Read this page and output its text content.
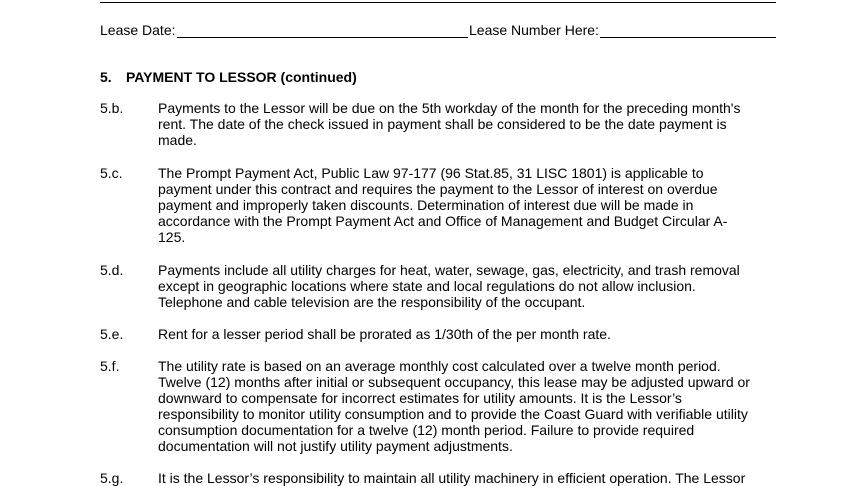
Lease Date:	Lease Number Here:
5. PAYMENT TO LESSOR (continued)
5.b. Payments to the Lessor will be due on the 5th workday of the month for the preceding month's
rent. The date of the check issued in payment shall be considered to be the date payment is
made.
5.c.	The Prompt Payment Act, Public Law 97-177 (96 Stat.85, 31 LISC 1801) is applicable to
payment under this contract and requires the payment to the Lessor of interest on overdue
payment and improperly taken discounts. Determination of interest due will be made in
accordance with the Prompt Payment Act and Office of Management and Budget Circular A-
125.
5.d. Payments include all utility charges for heat, water, sewage, gas, electricity, and trash removal
except in geographic locations where state and local regulations do not allow inclusion.
Telephone and cable television are the responsibility of the occupant.
5.e. Rent for a lesser period shall be prorated as 1/30th of the per month rate.
5.f.	The utility rate is based on an average monthly cost calculated over a twelve month period.
Twelve (12) months after initial or subsequent occupancy, this lease may be adjusted upward or
downward to compensate for incorrect estimates for utility amounts. It is the Lessor’s
responsibility to monitor utility consumption and to provide the Coast Guard with verifiable utility
consumption documentation for a twelve (12) month period. Failure to provide required
documentation will not justify utility payment adjustments.
5.g. It is the Lessor’s responsibility to maintain all utility machinery in efficient operation. The Lessor
